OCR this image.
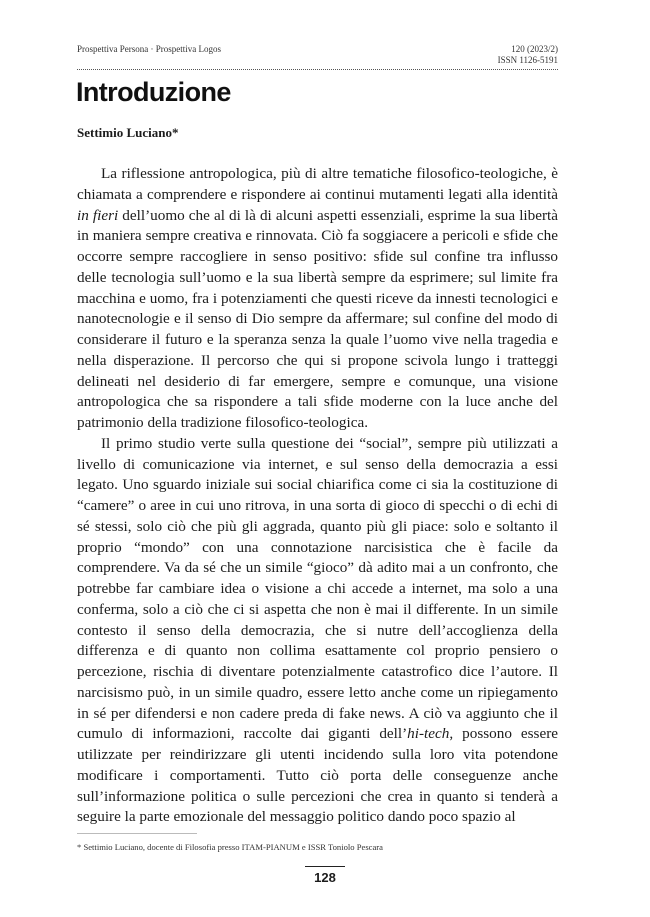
Prospettiva Persona · Prospettiva Logos	120 (2023/2)
ISSN 1126-5191
Introduzione
Settimio Luciano*

La riflessione antropologica, più di altre tematiche filosofico-teologiche, è chiamata a comprendere e rispondere ai continui mutamenti legati alla identità in fieri dell’uomo che al di là di alcuni aspetti essenziali, esprime la sua libertà in maniera sempre creativa e rinnovata. Ciò fa soggiacere a pericoli e sfide che occorre sempre raccogliere in senso positivo: sfide sul confine tra influsso delle tecnologia sull’uomo e la sua libertà sempre da esprimere; sul limite fra macchina e uomo, fra i potenziamenti che questi riceve da innesti tecnologici e nanotecnologie e il senso di Dio sempre da affermare; sul confine del modo di considerare il futuro e la speranza senza la quale l’uomo vive nella tragedia e nella disperazione. Il percorso che qui si propone scivola lungo i tratteggi delineati nel desiderio di far emergere, sempre e comunque, una visione antropologica che sa rispondere a tali sfide moderne con la luce anche del patrimonio della tradizione filosofico-teologica.

Il primo studio verte sulla questione dei “social”, sempre più utilizzati a livello di comunicazione via internet, e sul senso della democrazia a essi legato. Uno sguardo iniziale sui social chiarifica come ci sia la costituzione di “camere” o aree in cui uno ritrova, in una sorta di gioco di specchi o di echi di sé stessi, solo ciò che più gli aggrada, quanto più gli piace: solo e soltanto il proprio “mondo” con una connotazione narcisistica che è facile da comprendere. Va da sé che un simile “gioco” dà adito mai a un confronto, che potrebbe far cambiare idea o visione a chi accede a internet, ma solo a una conferma, solo a ciò che ci si aspetta che non è mai il differente. In un simile contesto il senso della democrazia, che si nutre dell’accoglienza della differenza e di quanto non collima esattamente col proprio pensiero o percezione, rischia di diventare potenzialmente catastrofico dice l’autore. Il narcisismo può, in un simile quadro, essere letto anche come un ripiegamento in sé per difendersi e non cadere preda di fake news. A ciò va aggiunto che il cumulo di informazioni, raccolte dai giganti dell’hi-tech, possono essere utilizzate per reindirizzare gli utenti incidendo sulla loro vita potendone modificare i comportamenti. Tutto ciò porta delle conseguenze anche sull’informazione politica o sulle percezioni che crea in quanto si tenderà a seguire la parte emozionale del messaggio politico dando poco spazio al

* Settimio Luciano, docente di Filosofia presso ITAM-PIANUM e ISSR Toniolo Pescara
128
